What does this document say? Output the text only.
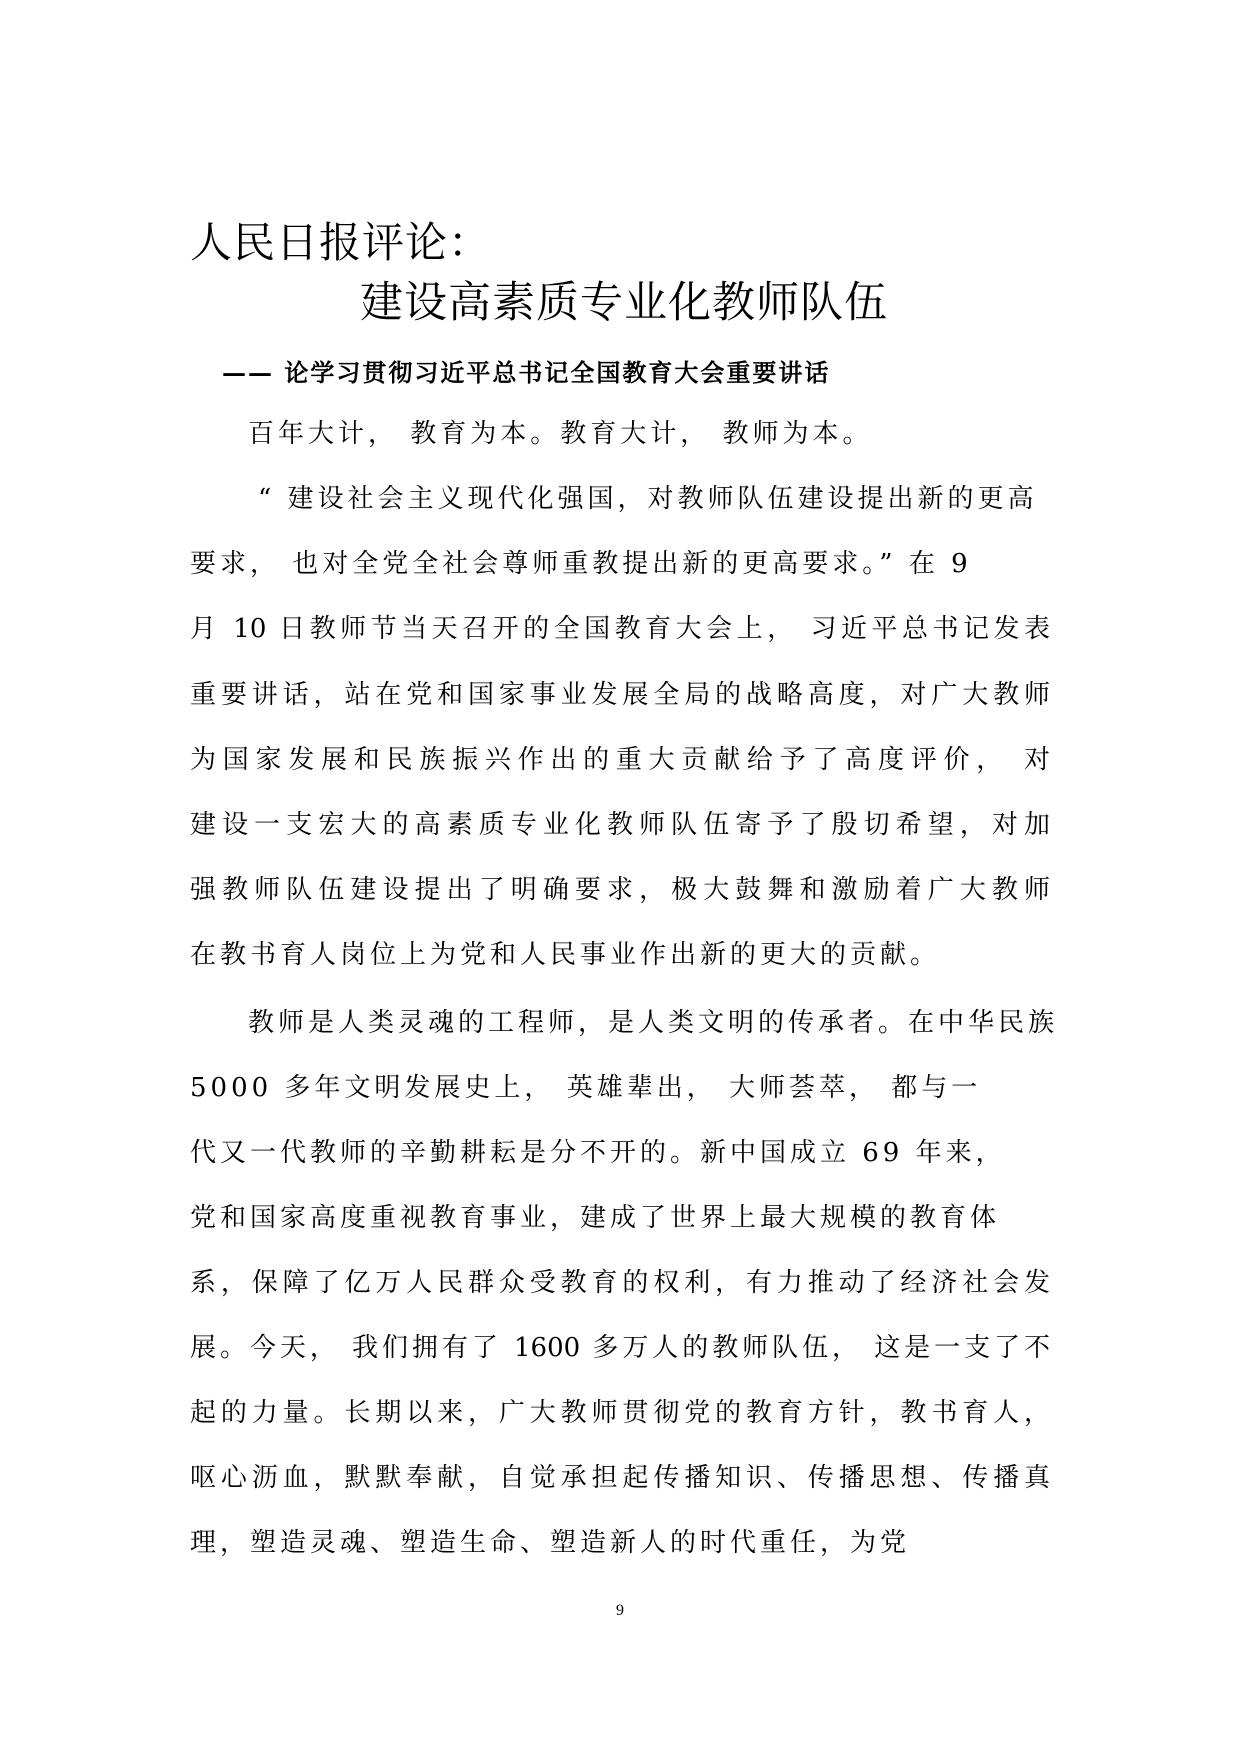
人民日报评论：
建设高素质专业化教师队伍
—— 论学习贯彻习近平总书记全国教育大会重要讲话
百年大计， 教育为本。教育大计， 教师为本。
“ 建设社会主义现代化强国，对教师队伍建设提出新的更高
要求， 也对全党全社会尊师重教提出新的更高要求。” 在 9
月 10 日教师节当天召开的全国教育大会上， 习近平总书记发表
重要讲话，站在党和国家事业发展全局的战略高度，对广大教师
为国家发展和民族振兴作出的重大贡献给予了高度评价， 对
建设一支宏大的高素质专业化教师队伍寄予了殷切希望，对加
强教师队伍建设提出了明确要求，极大鼓舞和激励着广大教师
在教书育人岗位上为党和人民事业作出新的更大的贡献。
教师是人类灵魂的工程师，是人类文明的传承者。在中华民族
5000 多年文明发展史上， 英雄辈出， 大师荟萃， 都与一
代又一代教师的辛勤耕耘是分不开的。新中国成立 69 年来，
党和国家高度重视教育事业，建成了世界上最大规模的教育体
系，保障了亿万人民群众受教育的权利，有力推动了经济社会发
展。今天， 我们拥有了 1600 多万人的教师队伍， 这是一支了不
起的力量。长期以来，广大教师贯彻党的教育方针，教书育人，
呕心沥血，默默奉献，自觉承担起传播知识、传播思想、传播真
理，塑造灵魂、塑造生命、塑造新人的时代重任，为党
9
